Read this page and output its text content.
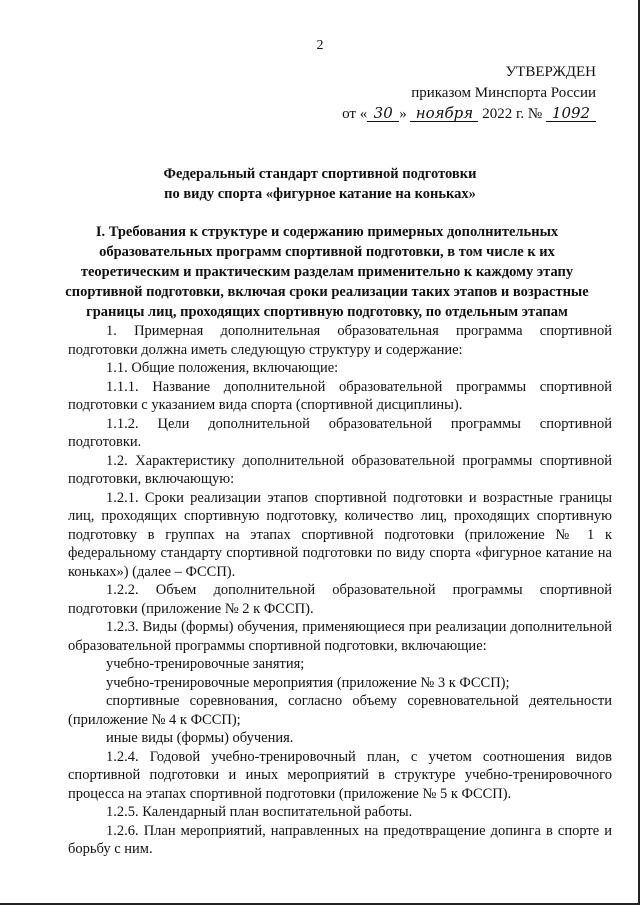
2
УТВЕРЖДЕН
приказом Минспорта России
от « 30 » ноября 2022 г. № 1092
Федеральный стандарт спортивной подготовки
по виду спорта «фигурное катание на коньках»
I. Требования к структуре и содержанию примерных дополнительных образовательных программ спортивной подготовки, в том числе к их теоретическим и практическим разделам применительно к каждому этапу спортивной подготовки, включая сроки реализации таких этапов и возрастные границы лиц, проходящих спортивную подготовку, по отдельным этапам

1. Примерная дополнительная образовательная программа спортивной подготовки должна иметь следующую структуру и содержание:

1.1. Общие положения, включающие:

1.1.1. Название дополнительной образовательной программы спортивной подготовки с указанием вида спорта (спортивной дисциплины).

1.1.2. Цели дополнительной образовательной программы спортивной подготовки.

1.2. Характеристику дополнительной образовательной программы спортивной подготовки, включающую:

1.2.1. Сроки реализации этапов спортивной подготовки и возрастные границы лиц, проходящих спортивную подготовку, количество лиц, проходящих спортивную подготовку в группах на этапах спортивной подготовки (приложение № 1 к федеральному стандарту спортивной подготовки по виду спорта «фигурное катание на коньках») (далее – ФССП).

1.2.2. Объем дополнительной образовательной программы спортивной подготовки (приложение № 2 к ФССП).

1.2.3. Виды (формы) обучения, применяющиеся при реализации дополнительной образовательной программы спортивной подготовки, включающие:

учебно-тренировочные занятия;

учебно-тренировочные мероприятия (приложение № 3 к ФССП);

спортивные соревнования, согласно объему соревновательной деятельности (приложение № 4 к ФССП);

иные виды (формы) обучения.

1.2.4. Годовой учебно-тренировочный план, с учетом соотношения видов спортивной подготовки и иных мероприятий в структуре учебно-тренировочного процесса на этапах спортивной подготовки (приложение № 5 к ФССП).

1.2.5. Календарный план воспитательной работы.

1.2.6. План мероприятий, направленных на предотвращение допинга в спорте и борьбу с ним.
